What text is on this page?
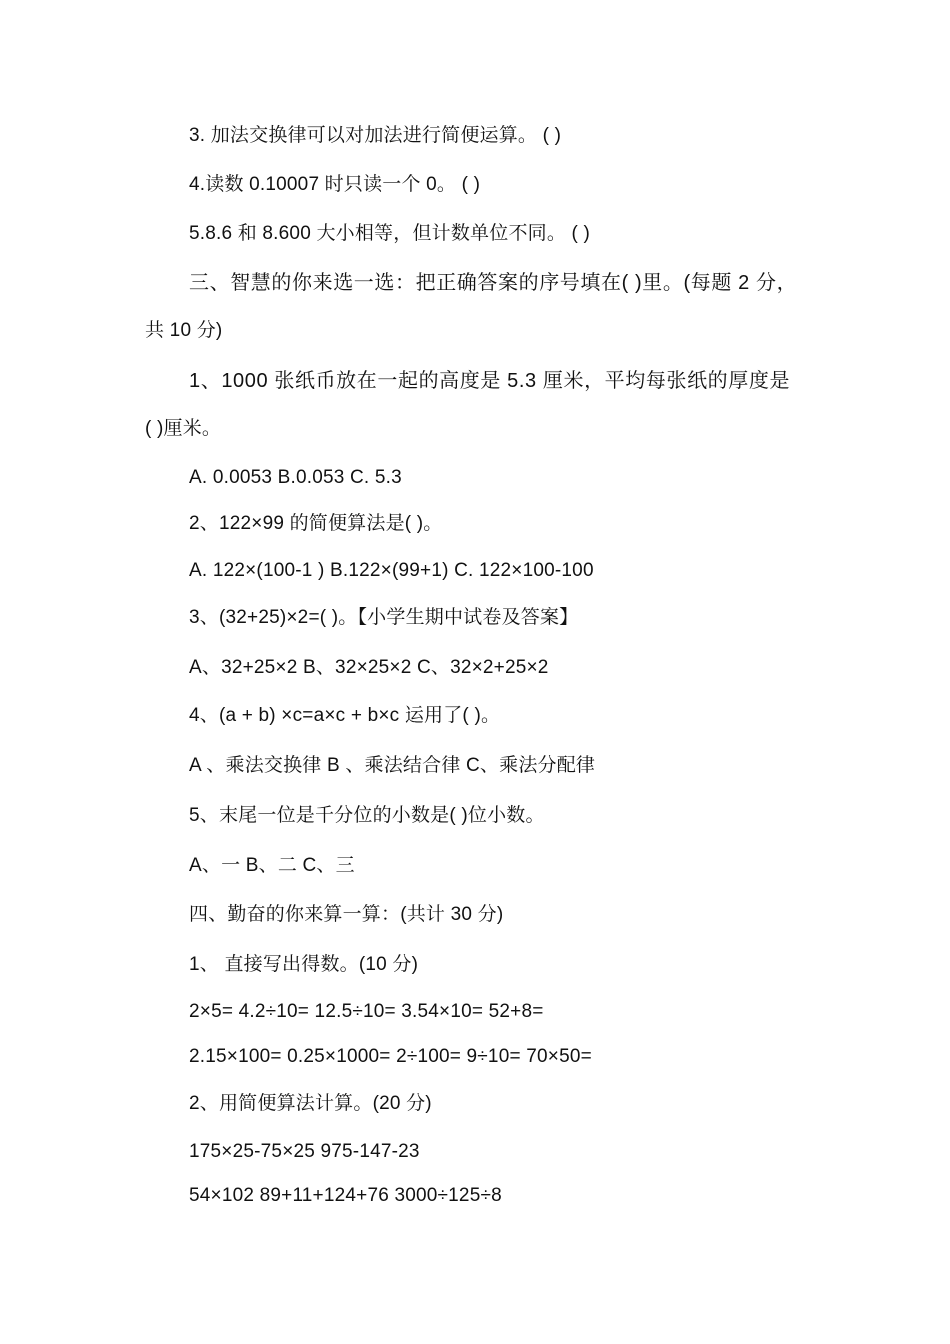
3. 加法交换律可以对加法进行简便运算。 ( )
4.读数 0.10007 时只读一个 0。 ( )
5.8.6 和 8.600 大小相等，但计数单位不同。 ( )
三、智慧的你来选一选：把正确答案的序号填在( )里。(每题 2 分，
共 10 分)
1、1000 张纸币放在一起的高度是 5.3 厘米，平均每张纸的厚度是
( )厘米。
A. 0.0053 B.0.053 C. 5.3
2、122×99 的简便算法是( )。
A. 122×(100-1 ) B.122×(99+1) C. 122×100-100
3、(32+25)×2=( )。【小学生期中试卷及答案】
A、32+25×2 B、32×25×2 C、32×2+25×2
4、(a + b) ×c=a×c + b×c 运用了( )。
A 、乘法交换律 B 、乘法结合律 C、乘法分配律
5、末尾一位是千分位的小数是( )位小数。
A、一 B、二 C、三
四、勤奋的你来算一算：(共计 30 分)
1、 直接写出得数。(10 分)
2×5= 4.2÷10= 12.5÷10= 3.54×10= 52+8=
2.15×100= 0.25×1000= 2÷100= 9÷10= 70×50=
2、用简便算法计算。(20 分)
175×25-75×25 975-147-23
54×102 89+11+124+76 3000÷125÷8
